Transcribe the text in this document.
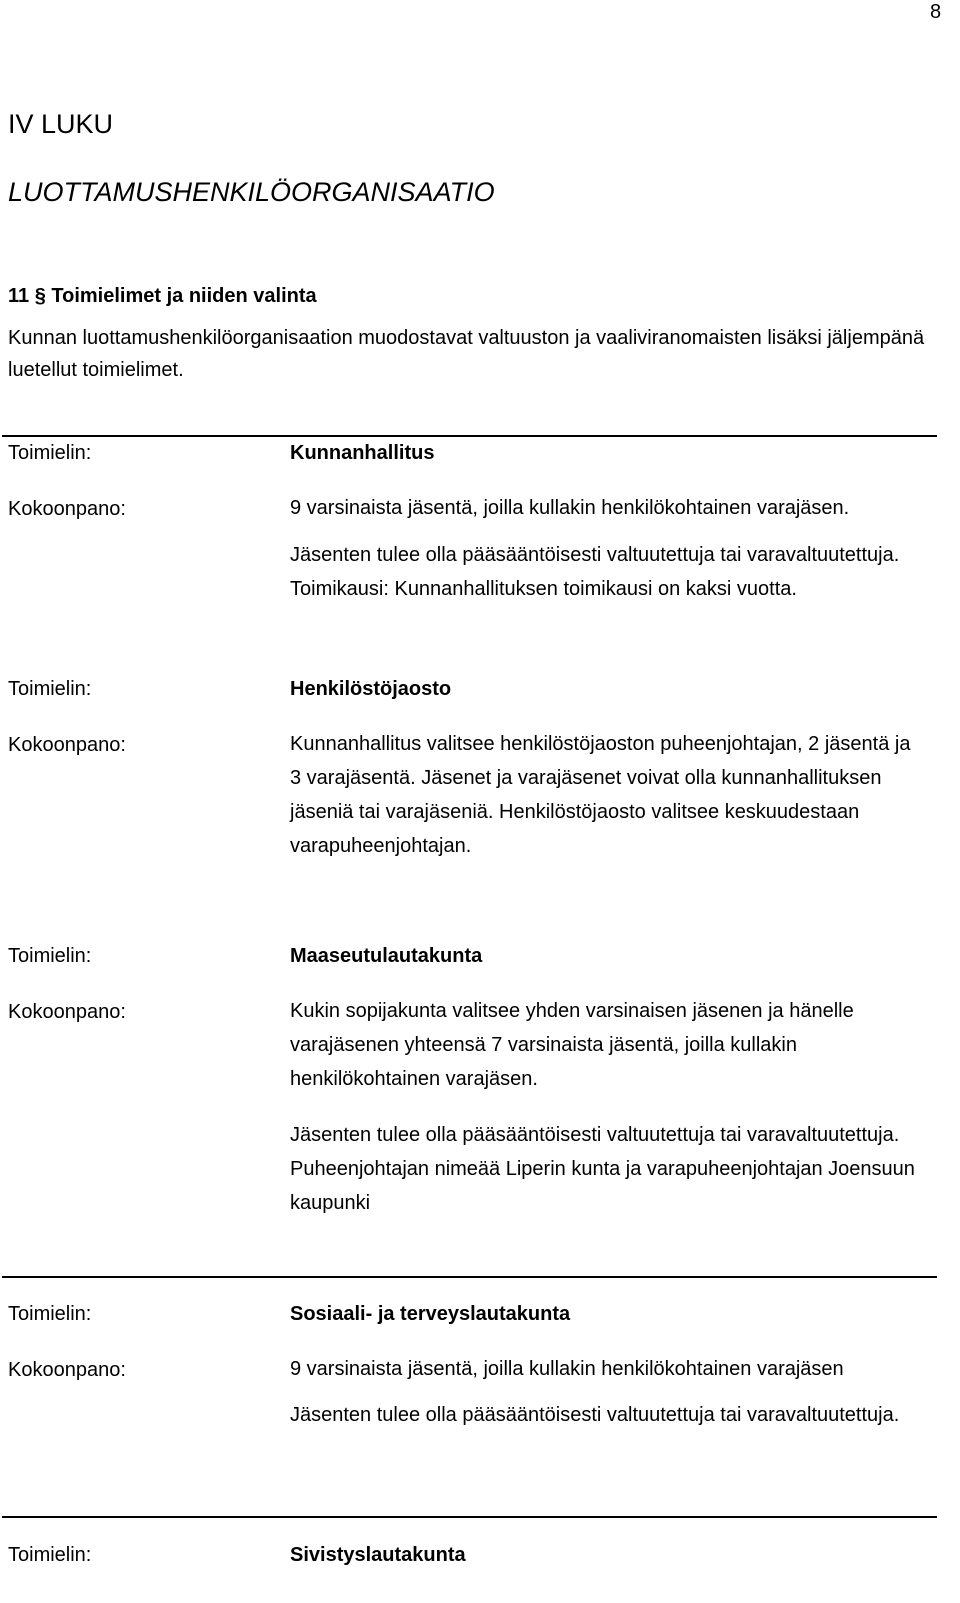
8
IV LUKU
LUOTTAMUSHENKILÖORGANISAATIO
11 § Toimielimet ja niiden valinta
Kunnan luottamushenkilöorganisaation muodostavat valtuuston ja vaaliviranomaisten lisäksi jäljempänä luetellut toimielimet.
Toimielin:	Kunnanhallitus
Kokoonpano:	9 varsinaista jäsentä, joilla kullakin henkilökohtainen varajäsen.
Jäsenten tulee olla pääsääntöisesti valtuutettuja tai varavaltuutettuja. Toimikausi: Kunnanhallituksen toimikausi on kaksi vuotta.
Toimielin:	Henkilöstöjaosto
Kokoonpano:	Kunnanhallitus valitsee henkilöstöjaoston puheenjohtajan, 2 jäsentä ja 3 varajäsentä. Jäsenet ja varajäsenet voivat olla kunnanhallituksen jäseniä tai varajäseniä. Henkilöstöjaosto valitsee keskuudestaan varapuheenjohtajan.
Toimielin:	Maaseutulautakunta
Kokoonpano:	Kukin sopijakunta valitsee yhden varsinaisen jäsenen ja hänelle varajäsenen yhteensä 7 varsinaista jäsentä, joilla kullakin henkilökohtainen varajäsen.
Jäsenten tulee olla pääsääntöisesti valtuutettuja tai varavaltuutettuja. Puheenjohtajan nimeää Liperin kunta ja varapuheenjohtajan Joensuun kaupunki
Toimielin:	Sosiaali- ja terveyslautakunta
Kokoonpano:	9 varsinaista jäsentä, joilla kullakin henkilökohtainen varajäsen
Jäsenten tulee olla pääsääntöisesti valtuutettuja tai varavaltuutettuja.
Toimielin:	Sivistyslautakunta
